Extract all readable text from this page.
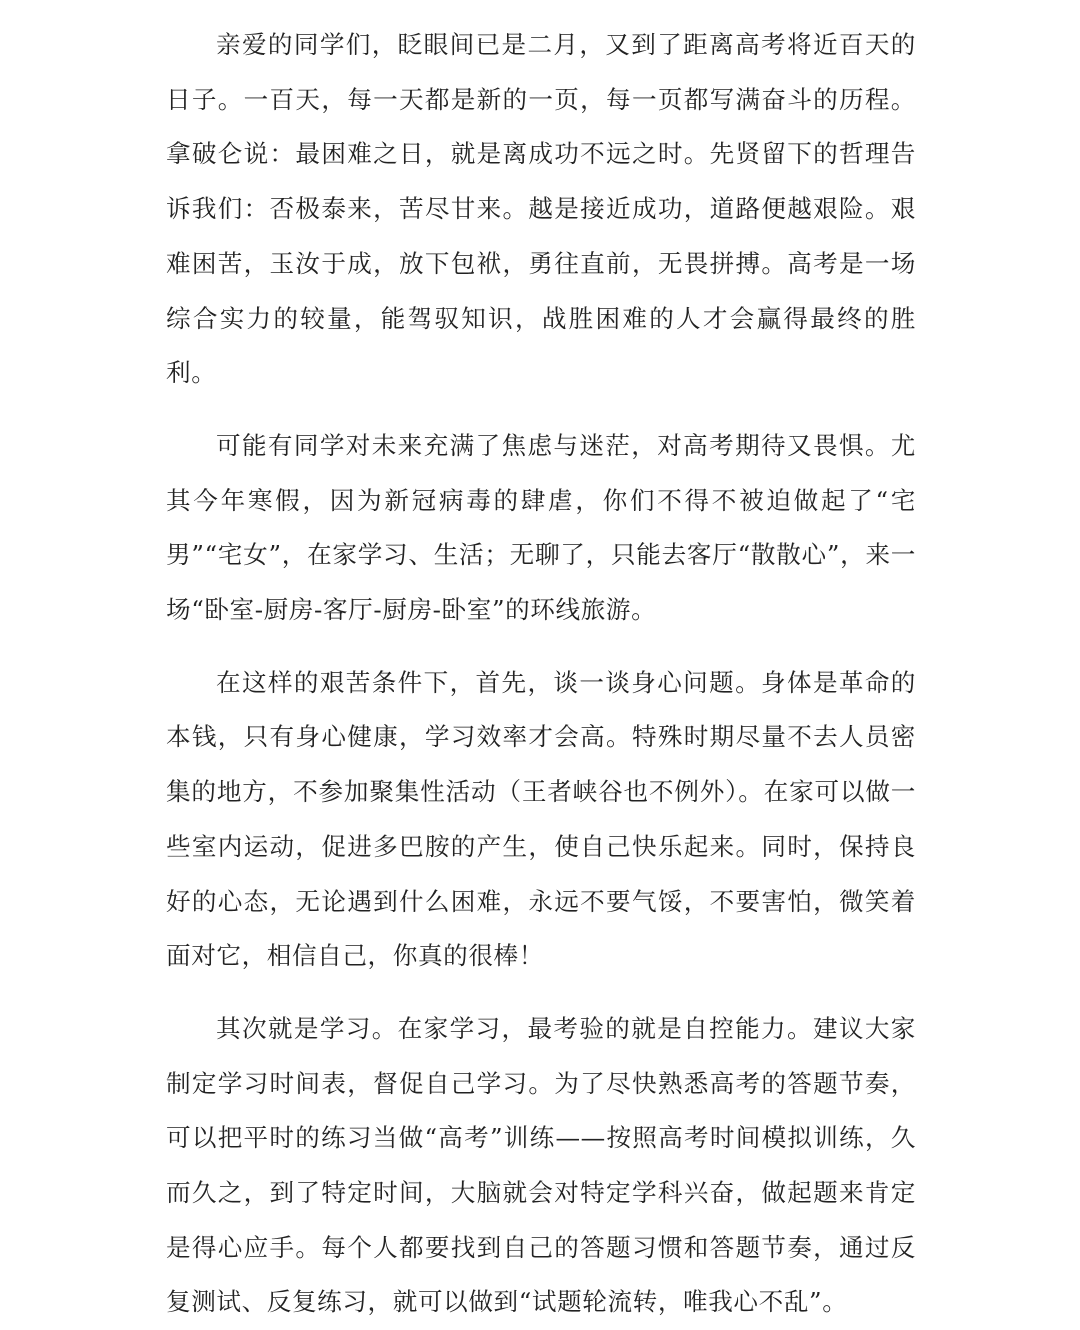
亲爱的同学们，眨眼间已是二月，又到了距离高考将近百天的日子。一百天，每一天都是新的一页，每一页都写满奋斗的历程。拿破仑说：最困难之日，就是离成功不远之时。先贤留下的哲理告诉我们：否极泰来，苦尽甘来。越是接近成功，道路便越艰险。艰难困苦，玉汝于成，放下包袱，勇往直前，无畏拼搏。高考是一场综合实力的较量，能驾驭知识，战胜困难的人才会赢得最终的胜利。

可能有同学对未来充满了焦虑与迷茫，对高考期待又畏惧。尤其今年寒假，因为新冠病毒的肆虐，你们不得不被迫做起了“宅男”“宅女”，在家学习、生活；无聊了，只能去客厅“散散心”，来一场“卧室-厨房-客厅-厨房-卧室”的环线旅游。

在这样的艰苦条件下，首先，谈一谈身心问题。身体是革命的本钱，只有身心健康，学习效率才会高。特殊时期尽量不去人员密集的地方，不参加聚集性活动（王者峡谷也不例外）。在家可以做一些室内运动，促进多巴胺的产生，使自己快乐起来。同时，保持良好的心态，无论遇到什么困难，永远不要气馁，不要害怕，微笑着面对它，相信自己，你真的很棒！

其次就是学习。在家学习，最考验的就是自控能力。建议大家制定学习时间表，督促自己学习。为了尽快熟悉高考的答题节奏，可以把平时的练习当做“高考”训练——按照高考时间模拟训练，久而久之，到了特定时间，大脑就会对特定学科兴奋，做起题来肯定是得心应手。每个人都要找到自己的答题习惯和答题节奏，通过反复测试、反复练习，就可以做到“试题轮流转，唯我心不乱”。
